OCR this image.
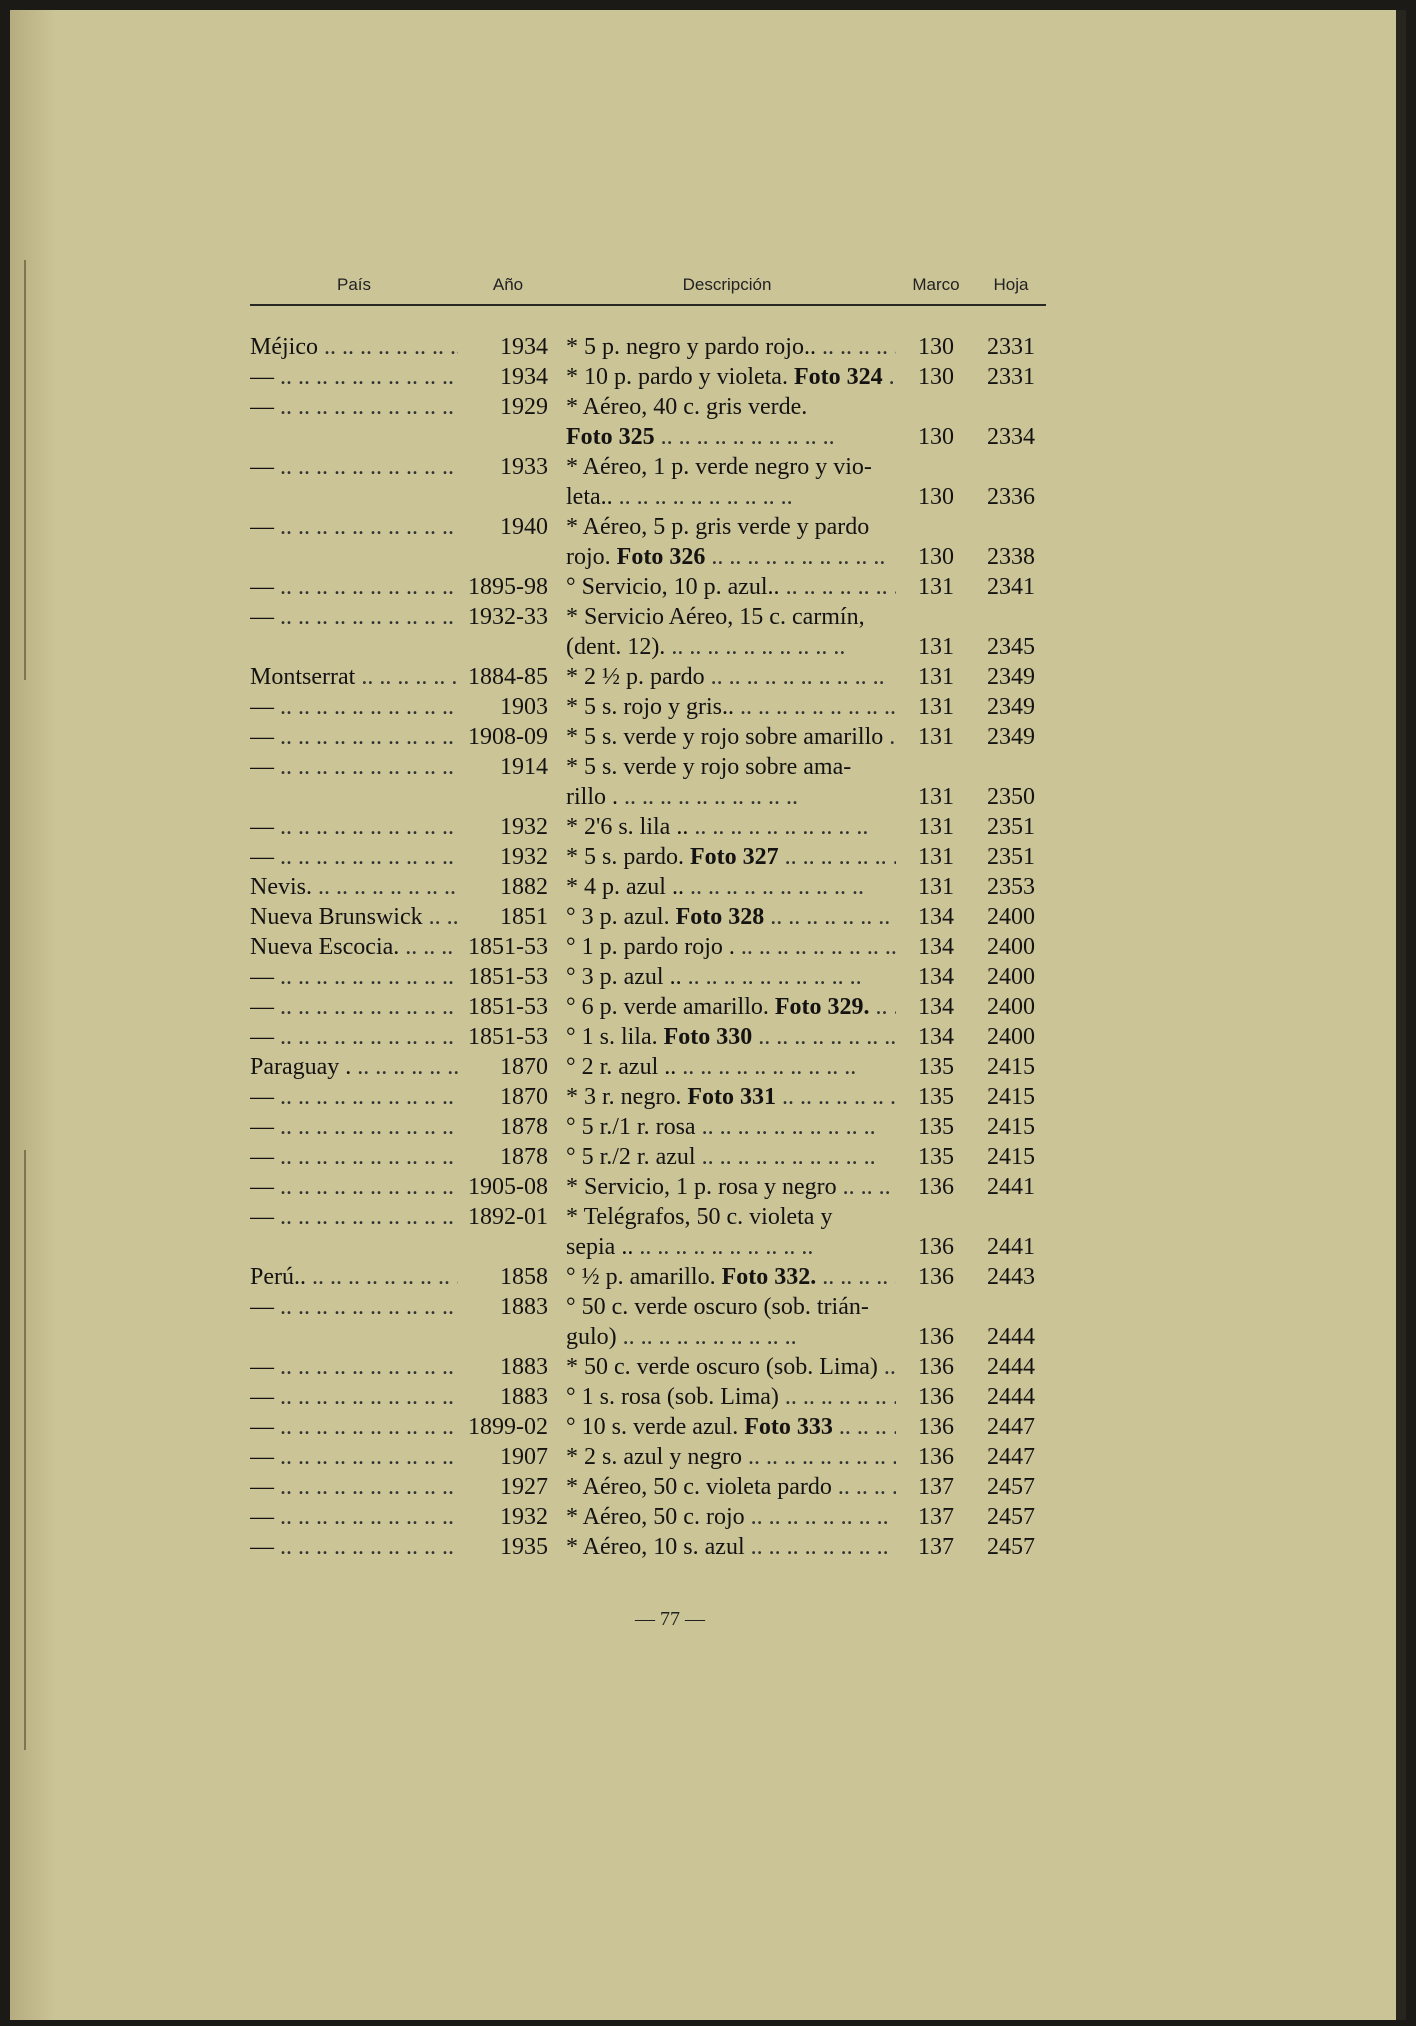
País	Año	Descripción	Marco	Hoja
Méjico .. ..	1934 * 5 p. negro y pardo rojo.. .. ..	130	2331
— .. ..	1934 * 10 p. pardo y violeta. Foto 324 .. ..	130	2331
— .. ..	1929 * Aéreo, 40 c. gris verde.
Foto 325 .. ..	130	2334
— .. ..	1933 * Aéreo, 1 p. verde negro y vio-
leta.. .. ..	130	2336
— .. ..	1940 * Aéreo, 5 p. gris verde y pardo
rojo. Foto 326 .. ..	130	2338
— .. ..	1895-98 ° Servicio, 10 p. azul.. .. ..	131	2341
— .. ..	1932-33 * Servicio Aéreo, 15 c. carmín,
(dent. 12). .. ..	131	2345
Montserrat .. ..	1884-85 * 2 ½ p. pardo .. ..	131	2349
— .. ..	1903 * 5 s. rojo y gris.. .. ..	131	2349
— .. ..	1908-09 * 5 s. verde y rojo sobre amarillo .. ..	131	2349
— .. ..	1914 * 5 s. verde y rojo sobre ama-
rillo . .. ..	131	2350
— .. ..	1932 * 2'6 s. lila .. .. ..	131	2351
— .. ..	1932 * 5 s. pardo. Foto 327 .. ..	131	2351
Nevis. .. ..	1882 * 4 p. azul .. .. ..	131	2353
Nueva Brunswick .. ..	1851 ° 3 p. azul. Foto 328 .. ..	134	2400
Nueva Escocia. .. ..	1851-53 ° 1 p. pardo rojo . .. ..	134	2400
— .. ..	1851-53 ° 3 p. azul .. .. ..	134	2400
— .. ..	1851-53 ° 6 p. verde amarillo. Foto 329. .. ..	134	2400
— .. ..	1851-53 ° 1 s. lila. Foto 330 .. ..	134	2400
Paraguay . .. ..	1870 ° 2 r. azul .. .. ..	135	2415
— .. ..	1870 * 3 r. negro. Foto 331 .. ..	135	2415
— .. ..	1878 ° 5 r./1 r. rosa .. ..	135	2415
— .. ..	1878 ° 5 r./2 r. azul .. ..	135	2415
— .. ..	1905-08 * Servicio, 1 p. rosa y negro .. ..	136	2441
— .. ..	1892-01 * Telégrafos, 50 c. violeta y
sepia .. .. ..	136	2441
Perú.. .. ..	1858 ° ½ p. amarillo. Foto 332. .. ..	136	2443
— .. ..	1883 ° 50 c. verde oscuro (sob. trián-
gulo) .. ..	136	2444
— .. ..	1883 * 50 c. verde oscuro (sob. Lima) .. ..	136	2444
— .. ..	1883 ° 1 s. rosa (sob. Lima) .. ..	136	2444
— .. ..	1899-02 ° 10 s. verde azul. Foto 333 .. ..	136	2447
— .. ..	1907 * 2 s. azul y negro .. ..	136	2447
— .. ..	1927 * Aéreo, 50 c. violeta pardo .. ..	137	2457
— .. ..	1932 * Aéreo, 50 c. rojo .. ..	137	2457
— .. ..	1935 * Aéreo, 10 s. azul .. ..	137	2457
— 77 —
